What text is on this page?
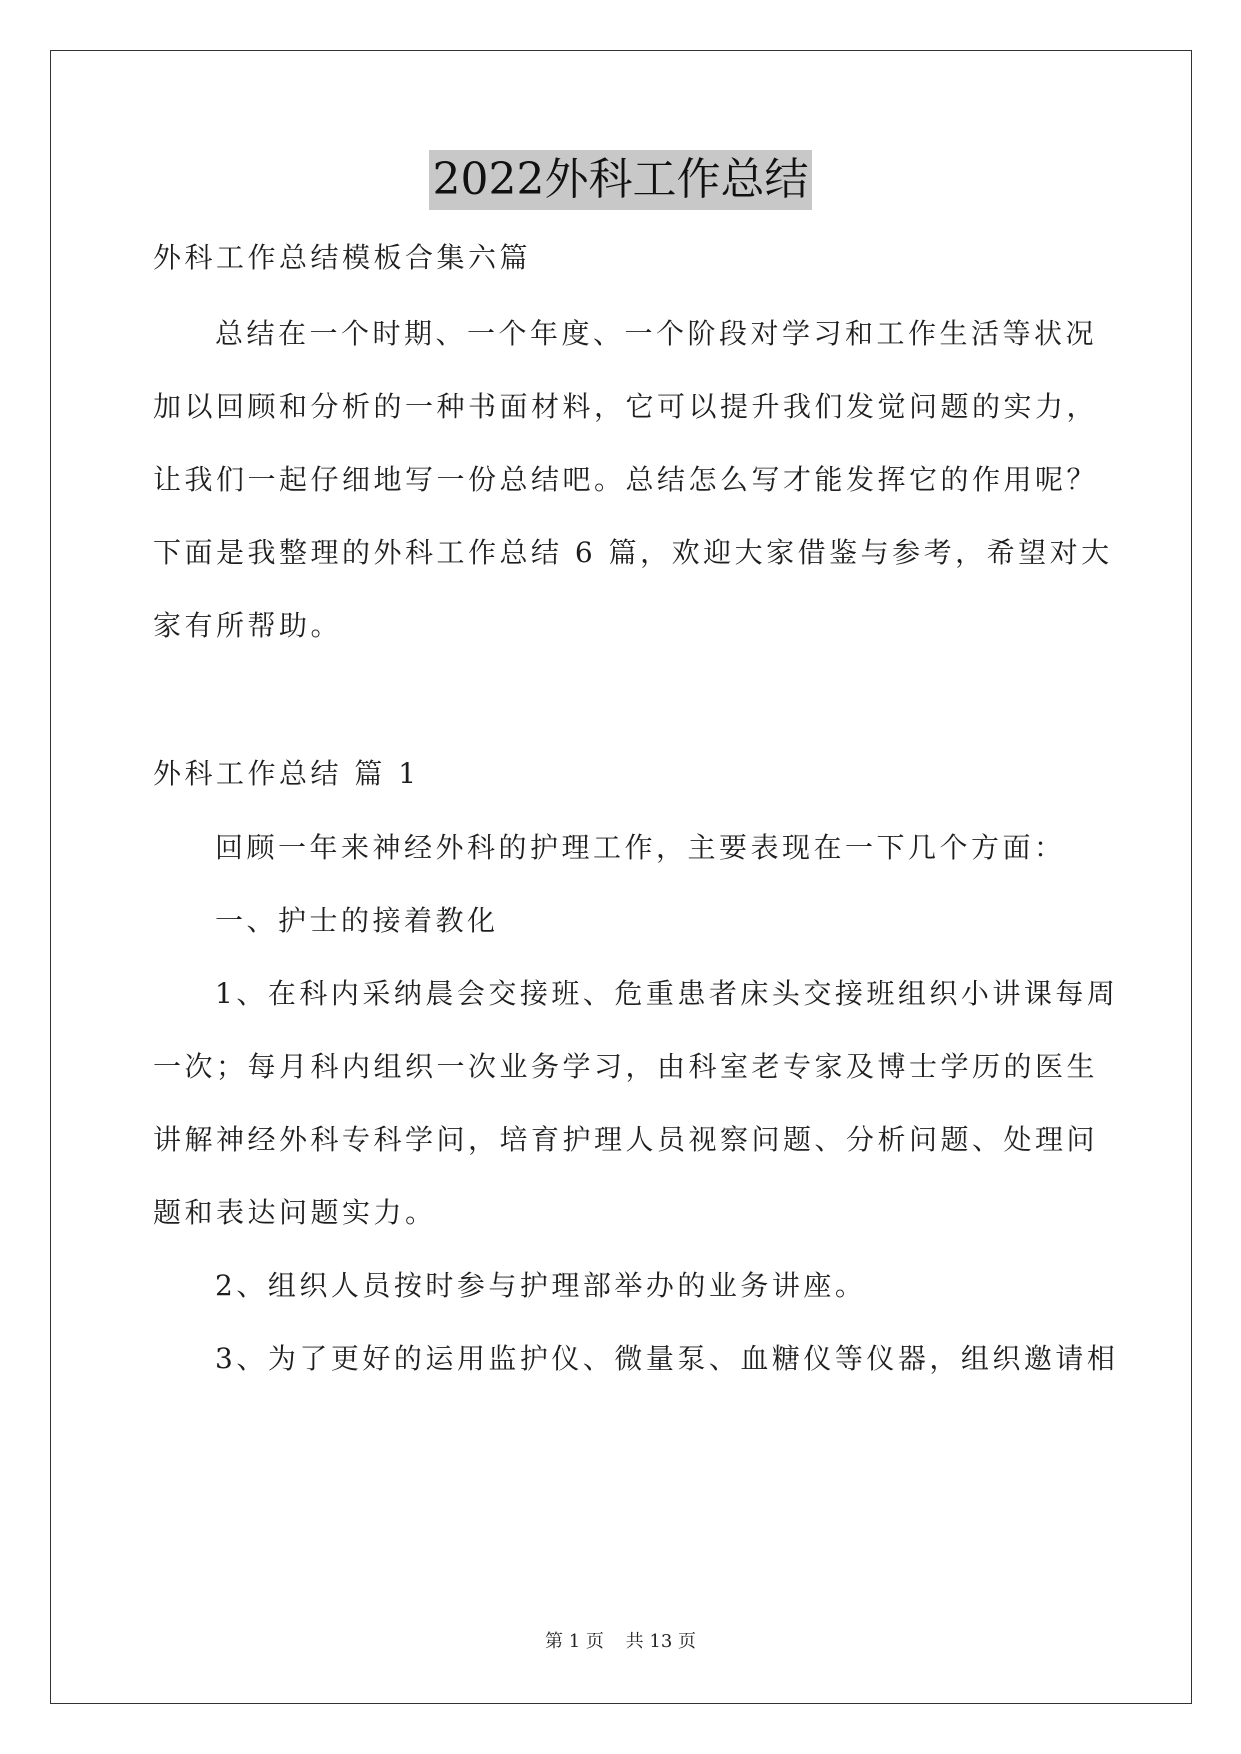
2022外科工作总结
外科工作总结模板合集六篇
总结在一个时期、一个年度、一个阶段对学习和工作生活等状况
加以回顾和分析的一种书面材料，它可以提升我们发觉问题的实力，
让我们一起仔细地写一份总结吧。总结怎么写才能发挥它的作用呢？
下面是我整理的外科工作总结 6 篇，欢迎大家借鉴与参考，希望对大
家有所帮助。
外科工作总结 篇 1
回顾一年来神经外科的护理工作，主要表现在一下几个方面：
一、护士的接着教化
1、在科内采纳晨会交接班、危重患者床头交接班组织小讲课每周
一次；每月科内组织一次业务学习，由科室老专家及博士学历的医生
讲解神经外科专科学问，培育护理人员视察问题、分析问题、处理问
题和表达问题实力。
2、组织人员按时参与护理部举办的业务讲座。
3、为了更好的运用监护仪、微量泵、血糖仪等仪器，组织邀请相
第 1 页 共 13 页
